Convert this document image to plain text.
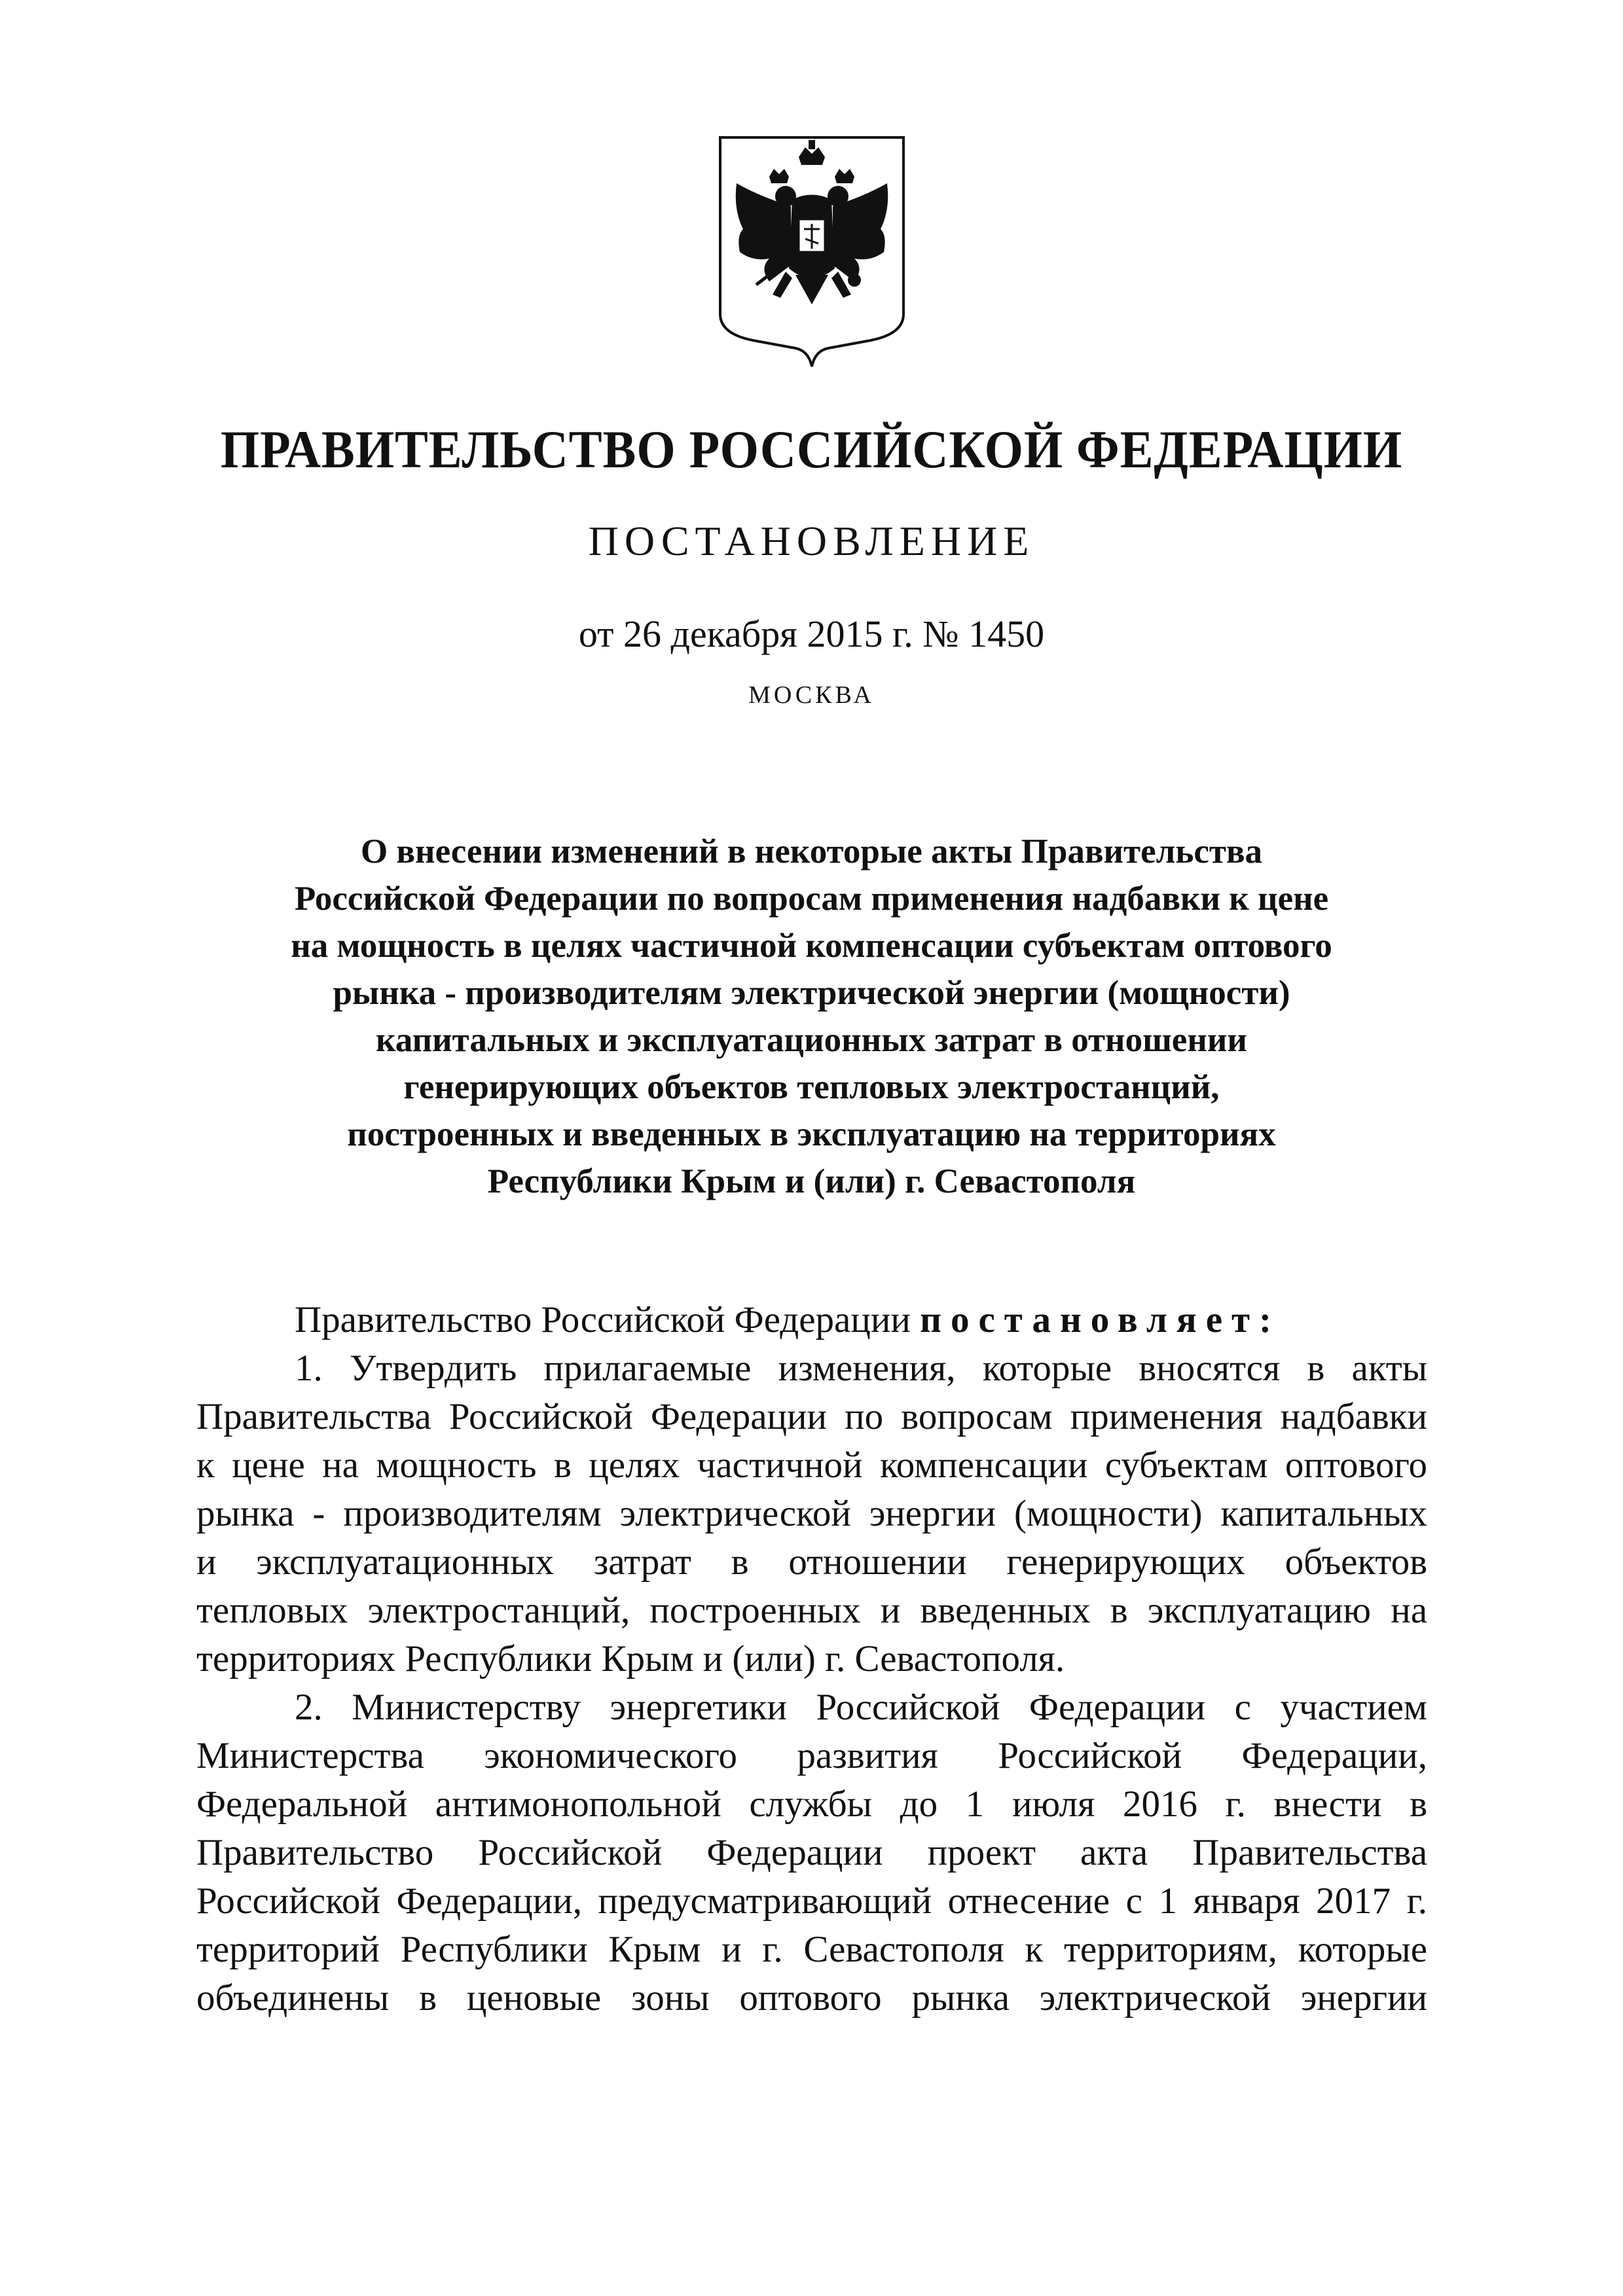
ПРАВИТЕЛЬСТВО РОССИЙСКОЙ ФЕДЕРАЦИИ
ПОСТАНОВЛЕНИЕ
от 26 декабря 2015 г. № 1450
МОСКВА
О внесении изменений в некоторые акты Правительства
Российской Федерации по вопросам применения надбавки к цене
на мощность в целях частичной компенсации субъектам оптового
рынка - производителям электрической энергии (мощности)
капитальных и эксплуатационных затрат в отношении
генерирующих объектов тепловых электростанций,
построенных и введенных в эксплуатацию на территориях
Республики Крым и (или) г. Севастополя
Правительство Российской Федерации постановляет:
1. Утвердить прилагаемые изменения, которые вносятся в акты
Правительства Российской Федерации по вопросам применения надбавки
к цене на мощность в целях частичной компенсации субъектам оптового
рынка - производителям электрической энергии (мощности) капитальных
и эксплуатационных затрат в отношении генерирующих объектов
тепловых электростанций, построенных и введенных в эксплуатацию на
территориях Республики Крым и (или) г. Севастополя.
2. Министерству энергетики Российской Федерации с участием
Министерства экономического развития Российской Федерации,
Федеральной антимонопольной службы до 1 июля 2016 г. внести в
Правительство Российской Федерации проект акта Правительства
Российской Федерации, предусматривающий отнесение с 1 января 2017 г.
территорий Республики Крым и г. Севастополя к территориям, которые
объединены в ценовые зоны оптового рынка электрической энергии
